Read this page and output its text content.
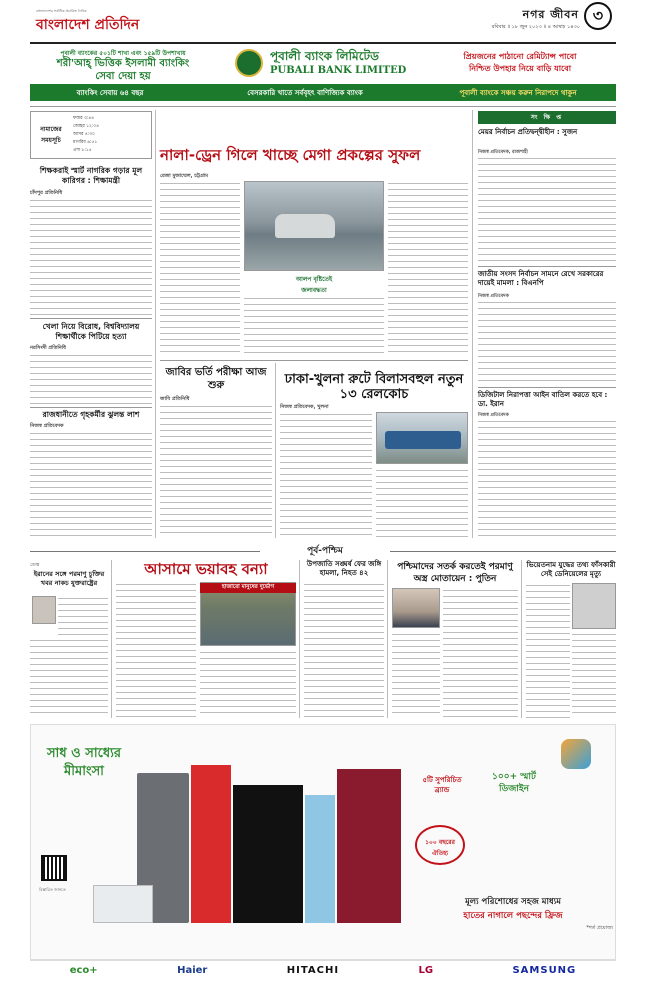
বাংলাদেশের সর্বাধিক প্রচারিত দৈনিক
বাংলাদেশ প্রতিদিন
নগর জীবন
রবিবার ॥ ১৮ জুন ২০২৩ ॥ ৪ আষাঢ় ১৪৩০
৩
পূবালী ব্যাংকের ৫০১টি শাখা এবং ১৫৯টি উপশাখায়
শরী'আহ্ ভিত্তিক ইসলামী ব্যাংকিং
সেবা দেয়া হয়
পূবালী ব্যাংক লিমিটেড
PUBALI BANK LIMITED
প্রিয়জনের পাঠানো রেমিট্যান্স পাবো
নিশ্চিত উপহার নিয়ে বাড়ি যাবো
ব্যাংকিং সেবায় ৬৪ বছর	বেসরকারি খাতে সর্ববৃহৎ বাণিজ্যিক ব্যাংক	পূবালী ব্যাংকে সঞ্চয় করুন নিরাপদে থাকুন
নামাজের সময়সূচি
ফজর ৩:৪৪
জোহর ১২:০৪
আসর ৪:৩০
মাগরিব ৬:৫১
এশা ৮:১৫
শিক্ষকরাই স্মার্ট নাগরিক গড়ার মূল কারিগর : শিক্ষামন্ত্রী
চাঁদপুর প্রতিনিধি
খেলা নিয়ে বিরোধ, বিশ্ববিদ্যালয় শিক্ষার্থীকে পিটিয়ে হত্যা
নরসিংদী প্রতিনিধি
রাজধানীতে গৃহকর্মীর ঝুলন্ত লাশ
নিজস্ব প্রতিবেদক
নালা-ড্রেন গিলে খাচ্ছে মেগা প্রকল্পের সুফল
রেজা মুজাম্মেল, চট্টগ্রাম
আলপ বৃষ্টিতেই
জলাবদ্ধতা
জাবির ভর্তি পরীক্ষা আজ শুরু
জাবি প্রতিনিধি
ঢাকা-খুলনা রুটে বিলাসবহুল নতুন ১৩ রেলকোচ
নিজস্ব প্রতিবেদক, খুলনা
সং ক্ষি প্ত
মেয়র নির্বাচন প্রতিদ্বন্দ্বীহীন : সুজন
নিজস্ব প্রতিবেদক, রাজশাহী
জাতীয় সংসদ নির্বাচন সামনে রেখে সরকারের দায়েই মামলা : বিএনপি
নিজস্ব প্রতিবেদক
ডিজিটাল নিরাপত্তা আইন বাতিল করতে হবে : ডা. ইরান
নিজস্ব প্রতিবেদক
পূর্ব-পশ্চিম
ডেস্ক
ইরানের সঙ্গে পরমাণু চুক্তির খবর নাকচ যুক্তরাষ্ট্রের
আসামে ভয়াবহ বন্যা
হাজারো মানুষের দুর্ভোগ
উপজাতি সঙ্ঘর্ষ ফের জঙ্গি হামলা, নিহত ৪২
পশ্চিমাদের সতর্ক করতেই পরমাণু অস্ত্র মোতায়েন : পুতিন
ভিয়েতনাম যুদ্ধের তথ্য ফাঁসকারী সেই ডেনিয়েলের মৃত্যু
সাধ ও সাধ্যের মীমাংসা
বিস্তারিত জানতে
৫টি সুপরিচিত ব্র্যান্ড
১০০+ স্মার্ট ডিজাইন
১০০ বছরের ঐতিহ্য
মূল্য পরিশোধের সহজ মাধ্যম
হাতের নাগালে পছন্দের ফ্রিজ
*শর্ত প্রযোজ্য
eco+	Haier	HITACHI	LG	SAMSUNG
